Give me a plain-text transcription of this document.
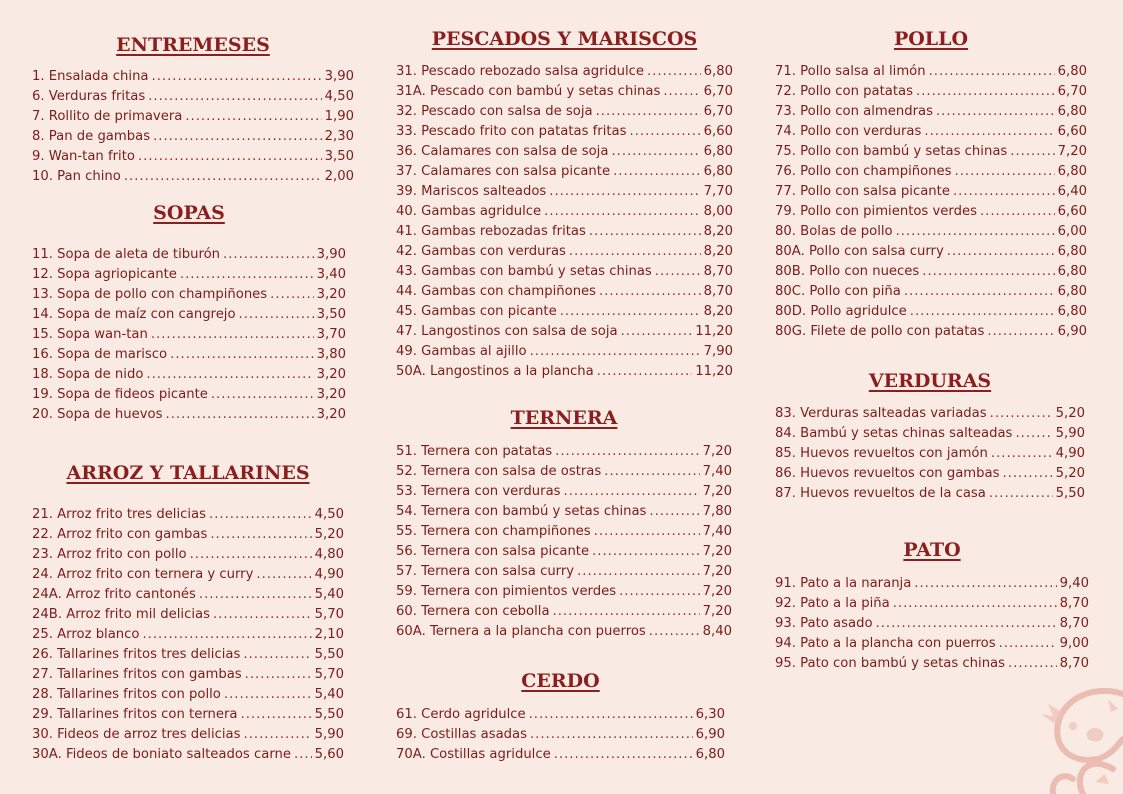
ENTREMESES
1. Ensalada china .....	3,90
6. Verduras fritas .....	4,50
7. Rollito de primavera .....	1,90
8. Pan de gambas .....	2,30
9. Wan-tan frito .....	3,50
10. Pan chino .....	2,00
SOPAS
11. Sopa de aleta de tiburón .....	3,90
12. Sopa agriopicante .....	3,40
13. Sopa de pollo con champiñones .....	3,20
14. Sopa de maíz con cangrejo .....	3,50
15. Sopa wan-tan .....	3,70
16. Sopa de marisco .....	3,80
18. Sopa de nido .....	3,20
19. Sopa de fideos picante .....	3,20
20. Sopa de huevos .....	3,20
ARROZ Y TALLARINES
21. Arroz frito tres delicias .....	4,50
22. Arroz frito con gambas .....	5,20
23. Arroz frito con pollo .....	4,80
24. Arroz frito con ternera y curry .....	4,90
24A. Arroz frito cantonés .....	5,40
24B. Arroz frito mil delicias .....	5,70
25. Arroz blanco .....	2,10
26. Tallarines fritos tres delicias .....	5,50
27. Tallarines fritos con gambas .....	5,70
28. Tallarines fritos con pollo .....	5,40
29. Tallarines fritos con ternera .....	5,50
30. Fideos de arroz tres delicias .....	5,90
30A. Fideos de boniato salteados carne ..... 5,60
PESCADOS Y MARISCOS
31. Pescado rebozado salsa agridulce .....	6,80
31A. Pescado con bambú y setas chinas .....	6,70
32. Pescado con salsa de soja .....	6,70
33. Pescado frito con patatas fritas .....	6,60
36. Calamares con salsa de soja .....	6,80
37. Calamares con salsa picante .....	6,80
39. Mariscos salteados .....	7,70
40. Gambas agridulce .....	8,00
41. Gambas rebozadas fritas .....	8,20
42. Gambas con verduras .....	8,20
43. Gambas con bambú y setas chinas .....	8,70
44. Gambas con champiñones .....	8,70
45. Gambas con picante .....	8,20
47. Langostinos con salsa de soja .....	11,20
49. Gambas al ajillo .....	7,90
50A. Langostinos a la plancha .....	11,20
TERNERA
51. Ternera con patatas .....	7,20
52. Ternera con salsa de ostras .....	7,40
53. Ternera con verduras .....	7,20
54. Ternera con bambú y setas chinas .....	7,80
55. Ternera con champiñones .....	7,40
56. Ternera con salsa picante .....	7,20
57. Ternera con salsa curry .....	7,20
59. Ternera con pimientos verdes .....	7,20
60. Ternera con cebolla .....	7,20
60A. Ternera a la plancha con puerros .....	8,40
CERDO
61. Cerdo agridulce .....	6,30
69. Costillas asadas .....	6,90
70A. Costillas agridulce .....	6,80
POLLO
71. Pollo salsa al limón .....	6,80
72. Pollo con patatas .....	6,70
73. Pollo con almendras .....	6,80
74. Pollo con verduras .....	6,60
75. Pollo con bambú y setas chinas .....	7,20
76. Pollo con champiñones .....	6,80
77. Pollo con salsa picante .....	6,40
79. Pollo con pimientos verdes .....	6,60
80. Bolas de pollo .....	6,00
80A. Pollo con salsa curry .....	6,80
80B. Pollo con nueces .....	6,80
80C. Pollo con piña .....	6,80
80D. Pollo agridulce .....	6,80
80G. Filete de pollo con patatas .....	6,90
VERDURAS
83. Verduras salteadas variadas .....	5,20
84. Bambú y setas chinas salteadas .....	5,90
85. Huevos revueltos con jamón .....	4,90
86. Huevos revueltos con gambas .....	5,20
87. Huevos revueltos de la casa .....	5,50
PATO
91. Pato a la naranja .....	9,40
92. Pato a la piña .....	8,70
93. Pato asado .....	8,70
94. Pato a la plancha con puerros .....	9,00
95. Pato con bambú y setas chinas .....	8,70
